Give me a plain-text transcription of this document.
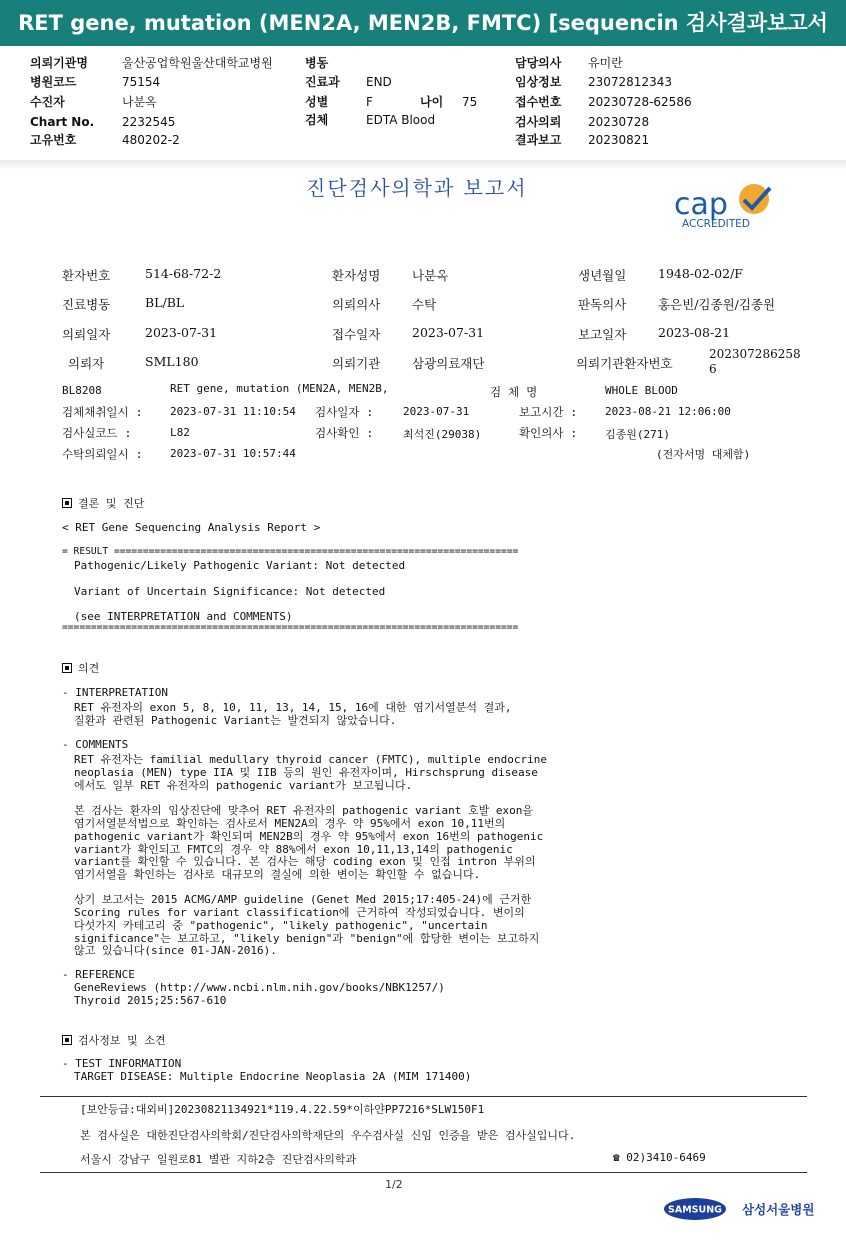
RET gene, mutation (MEN2A, MEN2B, FMTC) [sequencin 검사결과보고서
의뢰기관명	울산공업학원울산대학교병원
병원코드	75154
수진자	나분옥
Chart No. 2232545
고유번호	480202-2
병동
진료과 END
성별	F	나이 75
검체	EDTA Blood
담당의사 유미란
임상정보 23072812343
접수번호 20230728-62586
검사의뢰 20230728
결과보고 20230821
진단검사의학과 보고서	cap
ACCREDITED
환자번호	514-68-72-2	환자성명	나분옥	생년월일	1948-02-02/F
진료병동	BL/BL	의뢰의사	수탁	판독의사	홍은빈/김종원/김종원
의뢰일자	2023-07-31	접수일자	2023-07-31	보고일자	2023-08-21
의뢰자	SML180	의뢰기관	삼광의료재단	의뢰기관환자번호
202307286258
6
BL8208	RET gene, mutation (MEN2A, MEN2B,	검 체 명	WHOLE BLOOD
검체채취일시 : 2023-07-31 11:10:54 검사일자 :	2023-07-31	보고시간 :	2023-08-21 12:06:00
검사실코드 :	L82	검사확인 :	최석진(29038)	확인의사 :	김종원(271)
수탁의뢰일시 : 2023-07-31 10:57:44	(전자서명 대체함)
결론 및 진단
< RET Gene Sequencing Analysis Report >
= RESULT ======================================================================
Pathogenic/Likely Pathogenic Variant: Not detected
Variant of Uncertain Significance: Not detected
(see INTERPRETATION and COMMENTS)
===============================================================================
의견
- INTERPRETATION
RET 유전자의 exon 5, 8, 10, 11, 13, 14, 15, 16에 대한 염기서열분석 결과,
질환과 관련된 Pathogenic Variant는 발견되지 않았습니다.
- COMMENTS
RET 유전자는 familial medullary thyroid cancer (FMTC), multiple endocrine
neoplasia (MEN) type IIA 및 IIB 등의 원인 유전자이며, Hirschsprung disease
에서도 일부 RET 유전자의 pathogenic variant가 보고됩니다.
본 검사는 환자의 임상진단에 맞추어 RET 유전자의 pathogenic variant 호발 exon을
염기서열분석법으로 확인하는 검사로서 MEN2A의 경우 약 95%에서 exon 10,11번의
pathogenic variant가 확인되며 MEN2B의 경우 약 95%에서 exon 16번의 pathogenic
variant가 확인되고 FMTC의 경우 약 88%에서 exon 10,11,13,14의 pathogenic
variant를 확인할 수 있습니다. 본 검사는 해당 coding exon 및 인접 intron 부위의
염기서열을 확인하는 검사로 대규모의 결실에 의한 변이는 확인할 수 없습니다.
상기 보고서는 2015 ACMG/AMP guideline (Genet Med 2015;17:405-24)에 근거한
Scoring rules for variant classification에 근거하여 작성되었습니다. 변이의
다섯가지 카테고리 중 "pathogenic", "likely pathogenic", "uncertain
significance"는 보고하고, "likely benign"과 "benign"에 합당한 변이는 보고하지
않고 있습니다(since 01-JAN-2016).
- REFERENCE
GeneReviews (http://www.ncbi.nlm.nih.gov/books/NBK1257/)
Thyroid 2015;25:567-610
검사정보 및 소견
- TEST INFORMATION
TARGET DISEASE: Multiple Endocrine Neoplasia 2A (MIM 171400)
[보안등급:대외비]20230821134921*119.4.22.59*이하얀PP7216*SLW150F1
본 검사실은 대한진단검사의학회/진단검사의학재단의 우수검사실 신임 인증을 받은 검사실입니다.
서울시 강남구 일원로81 별관 지하2층 진단검사의학과	☎ 02)3410-6469
1/2
SAMSUNG 삼성서울병원
